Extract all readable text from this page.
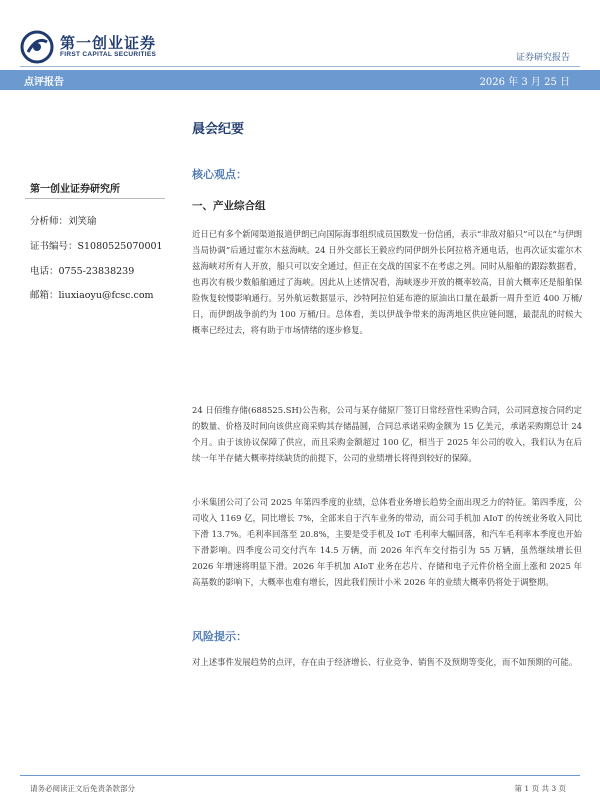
第一创业证券
FIRST CAPITAL SECURITIES	证券研究报告
点评报告	2026 年 3 月 25 日
第一创业证券研究所
分析师：刘笑瑜
证书编号：S1080525070001
电话：0755-23838239
邮箱：liuxiaoyu@fcsc.com
晨会纪要
核心观点：
一、产业综合组
近日已有多个新闻渠道报道伊朗已向国际海事组织成员国数发一份信函，表示“非敌对船只”可以在“与伊朗当局协调”后通过霍尔木兹海峡。24 日外交部长王毅应约同伊朗外长阿拉格齐通电话，也再次证实霍尔木兹海峡对所有人开放，船只可以安全通过，但正在交战的国家不在考虑之列。同时从船舶的跟踪数据看，也再次有极少数船舶通过了海峡。因此从上述情况看，海峡逐步开放的概率较高，目前大概率还是船舶保险恢复较慢影响通行。另外航运数据显示，沙特阿拉伯延布港的原油出口量在最新一周升至近 400 万桶/日，而伊朗战争前约为 100 万桶/日。总体看，美以伊战争带来的海湾地区供应链问题，最混乱的时候大概率已经过去，将有助于市场情绪的逐步修复。
24 日佰维存储(688525.SH)公告称，公司与某存储原厂签订日常经营性采购合同，公司同意按合同约定的数量、价格及时间向该供应商采购其存储晶圆，合同总承诺采购金额为 15 亿美元，承诺采购期总计 24 个月。由于该协议保障了供应，而且采购金额超过 100 亿，相当于 2025 年公司的收入，我们认为在后续一年半存储大概率持续缺货的前提下，公司的业绩增长将得到较好的保障。
小米集团公司了公司 2025 年第四季度的业绩，总体看业务增长趋势全面出现乏力的特征。第四季度，公司收入 1169 亿，同比增长 7%，全部来自于汽车业务的带动，而公司手机加 AIoT 的传统业务收入同比下滑 13.7%。毛利率回落至 20.8%，主要是受手机及 IoT 毛利率大幅回落，和汽车毛利率本季度也开始下滑影响。四季度公司交付汽车 14.5 万辆，而 2026 年汽车交付指引为 55 万辆，虽然继续增长但 2026 年增速将明显下滑。2026 年手机加 AIoT 业务在芯片、存储和电子元件价格全面上涨和 2025 年高基数的影响下，大概率也难有增长，因此我们预计小米 2026 年的业绩大概率仍将处于调整期。
风险提示：
对上述事件发展趋势的点评，存在由于经济增长、行业竞争、销售不及预期等变化，而不如预期的可能。
请务必阅读正文后免责条款部分	第 1 页 共 3 页
